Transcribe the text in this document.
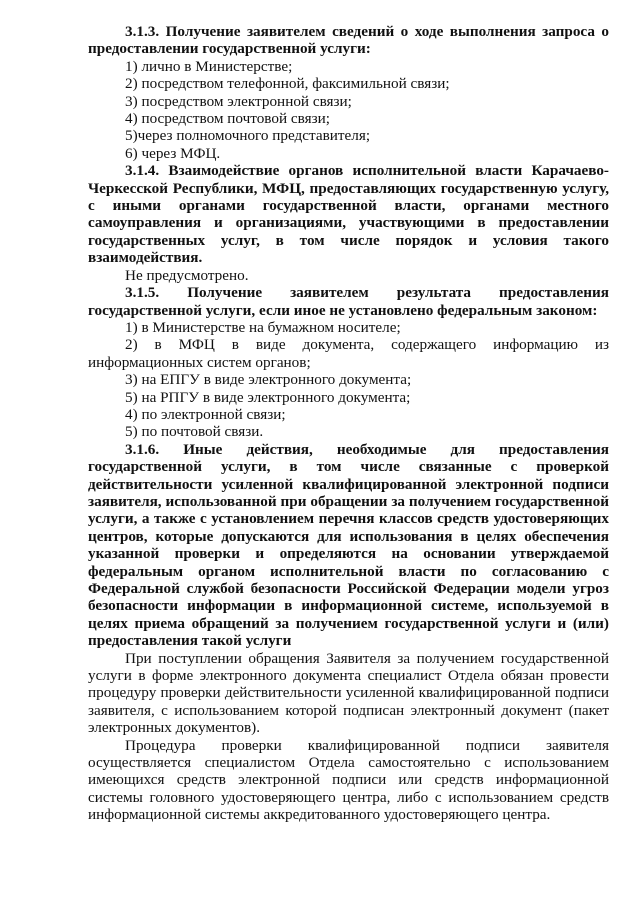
3.1.3. Получение заявителем сведений о ходе выполнения запроса о

предоставлении государственной услуги:

1) лично в Министерстве;

2) посредством телефонной, факсимильной связи;

3) посредством электронной связи;

4) посредством почтовой связи;

5)через полномочного представителя;

6) через МФЦ.

3.1.4. Взаимодействие органов исполнительной власти Карачаево-

Черкесской Республики, МФЦ, предоставляющих государственную услугу,

с иными органами государственной власти, органами местного

самоуправления и организациями, участвующими в предоставлении

государственных услуг, в том числе порядок и условия такого

взаимодействия.

Не предусмотрено.

3.1.5. Получение заявителем результата предоставления

государственной услуги, если иное не установлено федеральным законом:

1) в Министерстве на бумажном носителе;

2) в МФЦ в виде документа, содержащего информацию из

информационных систем органов;

3) на ЕПГУ в виде электронного документа;

5) на РПГУ в виде электронного документа;

4) по электронной связи;

5) по почтовой связи.

3.1.6. Иные действия, необходимые для предоставления

государственной услуги, в том числе связанные с проверкой

действительности усиленной квалифицированной электронной подписи

заявителя, использованной при обращении за получением государственной

услуги, а также с установлением перечня классов средств удостоверяющих

центров, которые допускаются для использования в целях обеспечения

указанной проверки и определяются на основании утверждаемой

федеральным органом исполнительной власти по согласованию с

Федеральной службой безопасности Российской Федерации модели угроз

безопасности информации в информационной системе, используемой в

целях приема обращений за получением государственной услуги и (или)

предоставления такой услуги

При поступлении обращения Заявителя за получением государственной

услуги в форме электронного документа специалист Отдела обязан провести

процедуру проверки действительности усиленной квалифицированной подписи

заявителя, с использованием которой подписан электронный документ (пакет

электронных документов).

Процедура проверки квалифицированной подписи заявителя

осуществляется специалистом Отдела самостоятельно с использованием

имеющихся средств электронной подписи или средств информационной

системы головного удостоверяющего центра, либо с использованием средств

информационной системы аккредитованного удостоверяющего центра.
